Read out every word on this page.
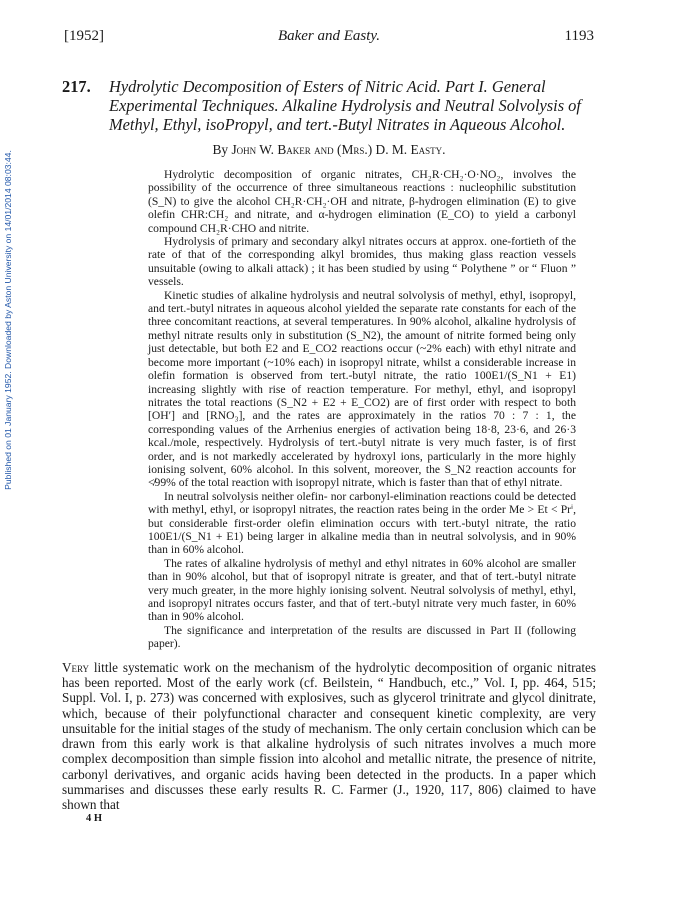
Published on 01 January 1952. Downloaded by Aston University on 14/01/2014 08:03:44.
[1952]	Baker and Easty.	1193
217. Hydrolytic Decomposition of Esters of Nitric Acid. Part I. General Experimental Techniques. Alkaline Hydrolysis and Neutral Solvolysis of Methyl, Ethyl, isoPropyl, and tert.-Butyl Nitrates in Aqueous Alcohol.
By John W. Baker and (Mrs.) D. M. Easty.

Hydrolytic decomposition of organic nitrates, CH₂R·CH₂·O·NO₂, involves the possibility of the occurrence of three simultaneous reactions : nucleophilic substitution (S_N) to give the alcohol CH₂R·CH₂·OH and nitrate, β-hydrogen elimination (E) to give olefin CHR:CH₂ and nitrate, and α-hydrogen elimination (E_CO) to yield a carbonyl compound CH₂R·CHO and nitrite.

Hydrolysis of primary and secondary alkyl nitrates occurs at approx. one-fortieth of the rate of that of the corresponding alkyl bromides, thus making glass reaction vessels unsuitable (owing to alkali attack) ; it has been studied by using “ Polythene ” or “ Fluon ” vessels.

Kinetic studies of alkaline hydrolysis and neutral solvolysis of methyl, ethyl, isopropyl, and tert.-butyl nitrates in aqueous alcohol yielded the separate rate constants for each of the three concomitant reactions, at several temperatures. In 90% alcohol, alkaline hydrolysis of methyl nitrate results only in substitution (S_N2), the amount of nitrite formed being only just detectable, but both E2 and E_CO2 reactions occur (~2% each) with ethyl nitrate and become more important (~10% each) in isopropyl nitrate, whilst a considerable increase in olefin formation is observed from tert.-butyl nitrate, the ratio 100E1/(S_N1 + E1) increasing slightly with rise of reaction temperature. For methyl, ethyl, and isopropyl nitrates the total reactions (S_N2 + E2 + E_CO2) are of first order with respect to both [OH′] and [RNO₃], and the rates are approximately in the ratios 70 : 7 : 1, the corresponding values of the Arrhenius energies of activation being 18·8, 23·6, and 26·3 kcal./mole, respectively. Hydrolysis of tert.-butyl nitrate is very much faster, is of first order, and is not markedly accelerated by hydroxyl ions, particularly in the more highly ionising solvent, 60% alcohol. In this solvent, moreover, the S_N2 reaction accounts for ≮99% of the total reaction with isopropyl nitrate, which is faster than that of ethyl nitrate.

In neutral solvolysis neither olefin- nor carbonyl-elimination reactions could be detected with methyl, ethyl, or isopropyl nitrates, the reaction rates being in the order Me > Et < Prⁱ, but considerable first-order olefin elimination occurs with tert.-butyl nitrate, the ratio 100E1/(S_N1 + E1) being larger in alkaline media than in neutral solvolysis, and in 90% than in 60% alcohol.

The rates of alkaline hydrolysis of methyl and ethyl nitrates in 60% alcohol are smaller than in 90% alcohol, but that of isopropyl nitrate is greater, and that of tert.-butyl nitrate very much greater, in the more highly ionising solvent. Neutral solvolysis of methyl, ethyl, and isopropyl nitrates occurs faster, and that of tert.-butyl nitrate very much faster, in 60% than in 90% alcohol.

The significance and interpretation of the results are discussed in Part II (following paper).

Very little systematic work on the mechanism of the hydrolytic decomposition of organic nitrates has been reported. Most of the early work (cf. Beilstein, “ Handbuch, etc.,” Vol. I, pp. 464, 515; Suppl. Vol. I, p. 273) was concerned with explosives, such as glycerol trinitrate and glycol dinitrate, which, because of their polyfunctional character and consequent kinetic complexity, are very unsuitable for the initial stages of the study of mechanism. The only certain conclusion which can be drawn from this early work is that alkaline hydrolysis of such nitrates involves a much more complex decomposition than simple fission into alcohol and metallic nitrate, the presence of nitrite, carbonyl derivatives, and organic acids having been detected in the products. In a paper which summarises and discusses these early results R. C. Farmer (J., 1920, 117, 806) claimed to have shown that

4 H
